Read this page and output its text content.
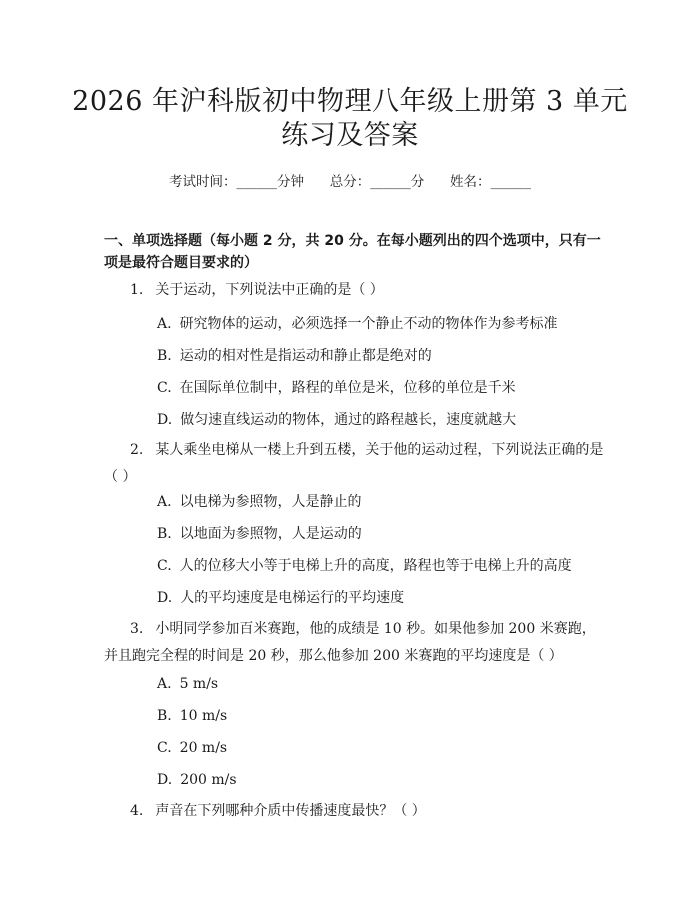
2026 年沪科版初中物理八年级上册第 3 单元
练习及答案
考试时间：______分钟      总分：______分      姓名：______
一、单项选择题（每小题 2 分，共 20 分。在每小题列出的四个选项中，只有一项是最符合题目要求的）
1. 关于运动，下列说法中正确的是（ ）
A. 研究物体的运动，必须选择一个静止不动的物体作为参考标准
B. 运动的相对性是指运动和静止都是绝对的
C. 在国际单位制中，路程的单位是米，位移的单位是千米
D. 做匀速直线运动的物体，通过的路程越长，速度就越大
2. 某人乘坐电梯从一楼上升到五楼，关于他的运动过程，下列说法正确的是（ ）
A. 以电梯为参照物，人是静止的
B. 以地面为参照物，人是运动的
C. 人的位移大小等于电梯上升的高度，路程也等于电梯上升的高度
D. 人的平均速度是电梯运行的平均速度
3. 小明同学参加百米赛跑，他的成绩是 10 秒。如果他参加 200 米赛跑，并且跑完全程的时间是 20 秒，那么他参加 200 米赛跑的平均速度是（ ）
A. 5 m/s
B. 10 m/s
C. 20 m/s
D. 200 m/s
4. 声音在下列哪种介质中传播速度最快？（ ）
